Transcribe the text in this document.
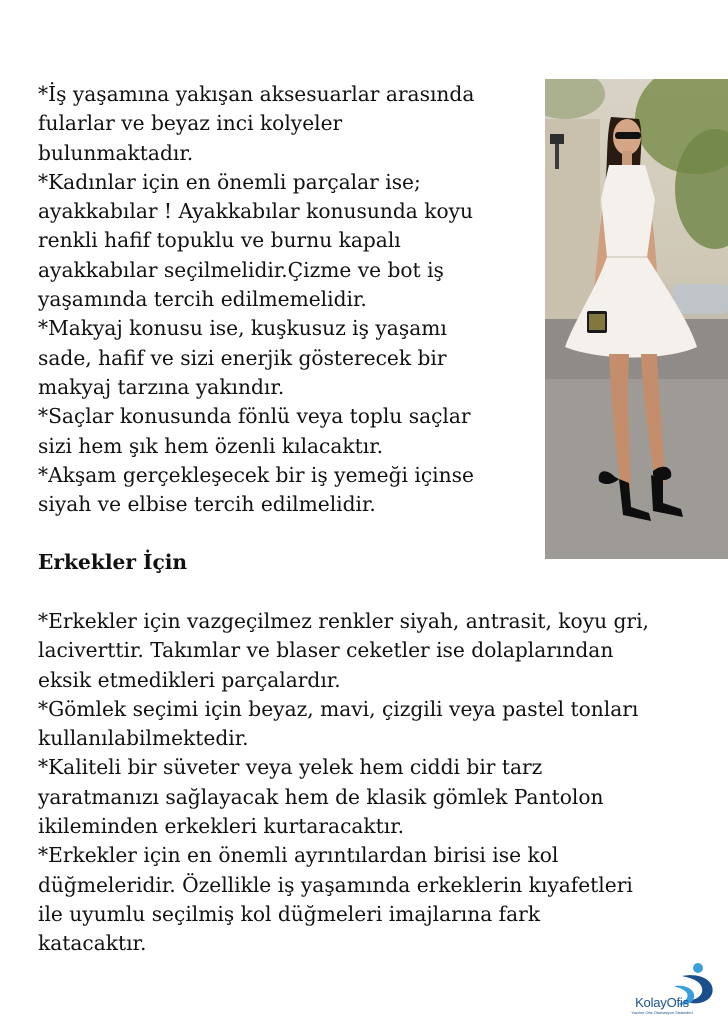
*İş yaşamına yakışan aksesuarlar arasında
fularlar ve beyaz inci kolyeler
bulunmaktadır.
*Kadınlar için en önemli parçalar ise;
ayakkabılar ! Ayakkabılar konusunda koyu
renkli hafif topuklu ve burnu kapalı
ayakkabılar seçilmelidir.Çizme ve bot iş
yaşamında tercih edilmemelidir.
*Makyaj konusu ise, kuşkusuz iş yaşamı
sade, hafif ve sizi enerjik gösterecek bir
makyaj tarzına yakındır.
*Saçlar konusunda fönlü veya toplu saçlar
sizi hem şık hem özenli kılacaktır.
*Akşam gerçekleşecek bir iş yemeği içinse
siyah ve elbise tercih edilmelidir.
Erkekler İçin
*Erkekler için vazgeçilmez renkler siyah, antrasit, koyu gri,
laciverttir. Takımlar ve blaser ceketler ise dolaplarından
eksik etmedikleri parçalardır.
*Gömlek seçimi için beyaz, mavi, çizgili veya pastel tonları
kullanılabilmektedir.
*Kaliteli bir süveter veya yelek hem ciddi bir tarz
yaratmanızı sağlayacak hem de klasik gömlek Pantolon
ikileminden erkekleri kurtaracaktır.
*Erkekler için en önemli ayrıntılardan birisi ise kol
düğmeleridir. Özellikle iş yaşamında erkeklerin kıyafetleri
ile uyumlu seçilmiş kol düğmeleri imajlarına fark
katacaktır.
KolayOfis
Yazılım Ofis Otomasyon Sistemleri
